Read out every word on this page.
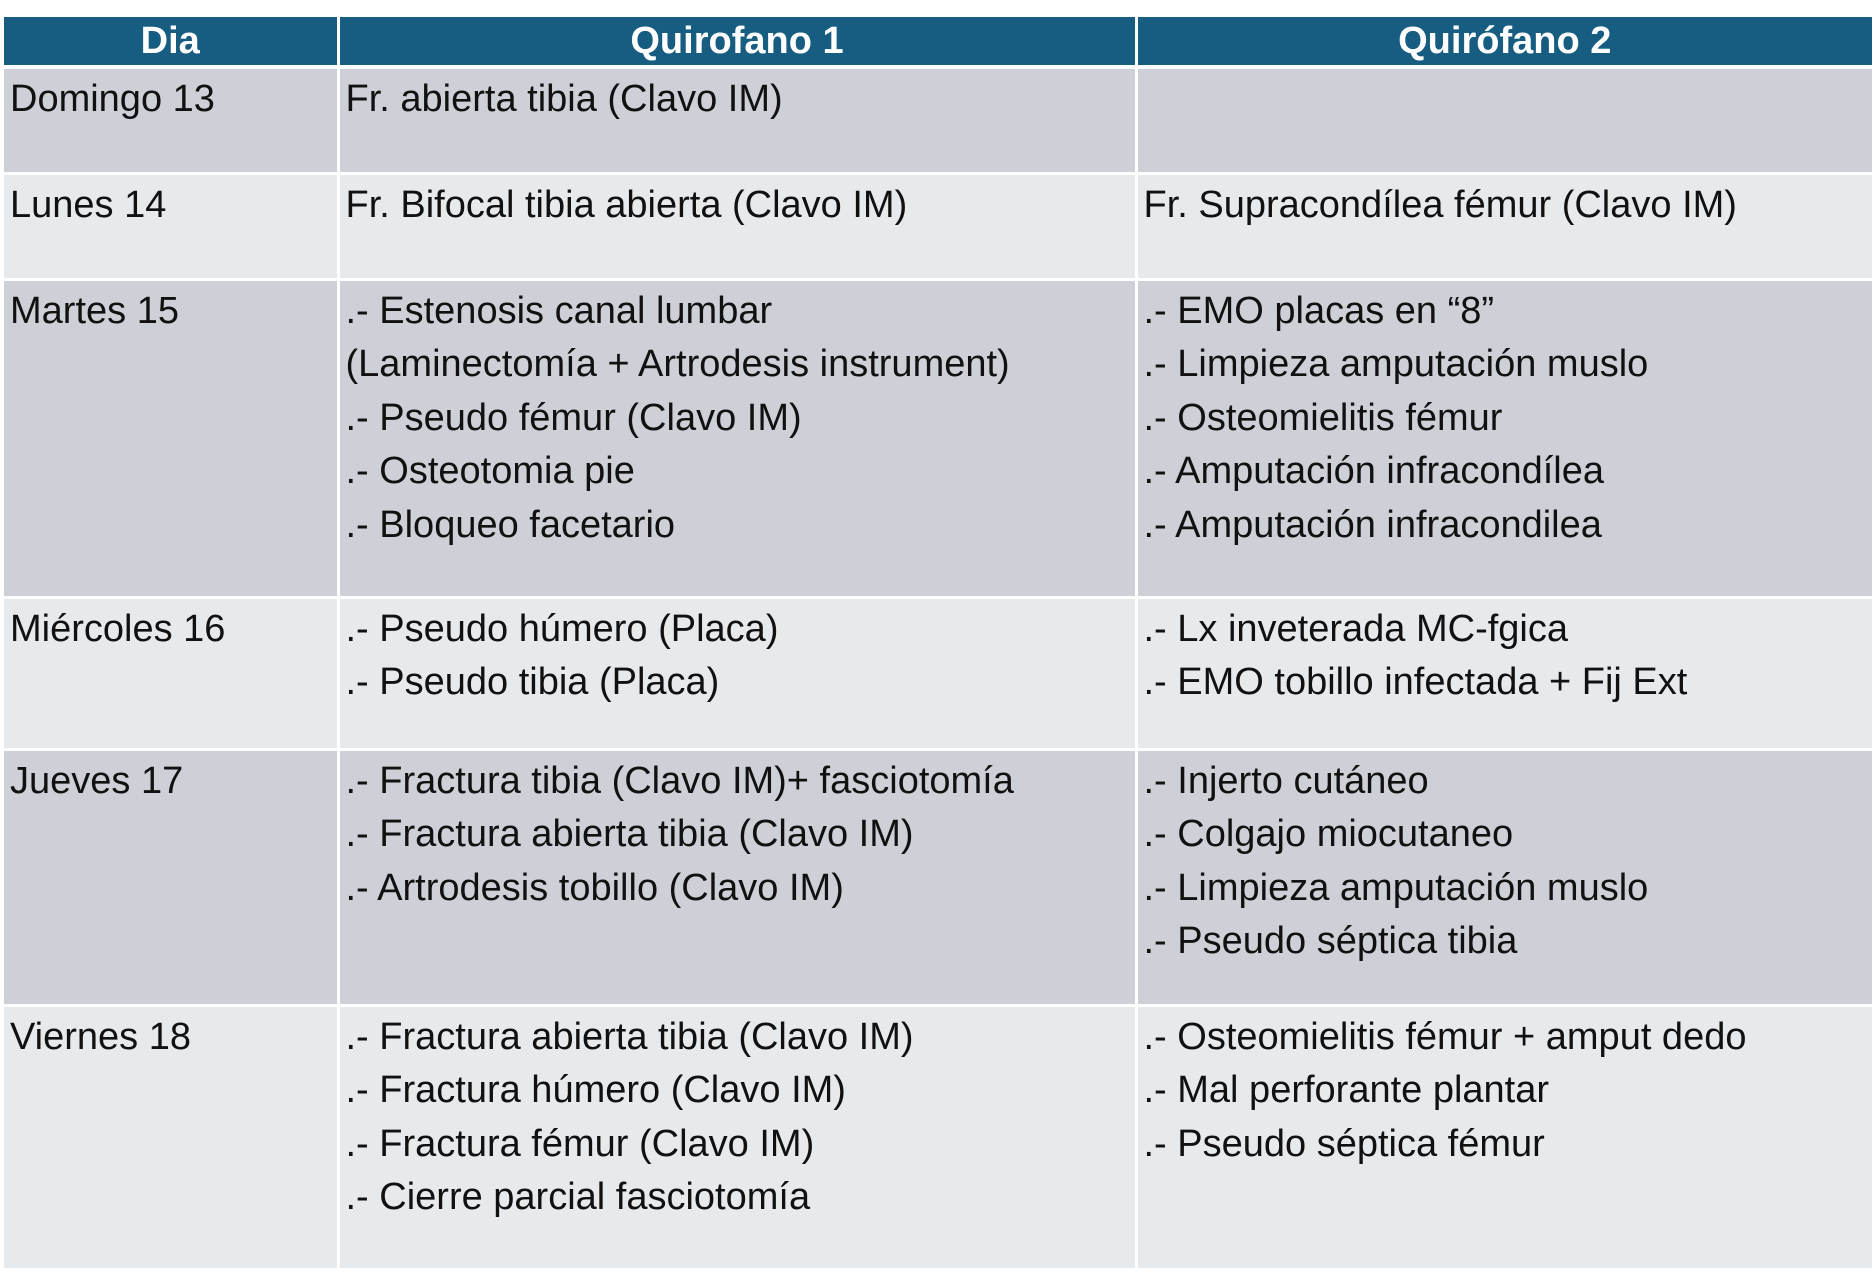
Dia	Quirofano 1	Quirófano 2

Domingo 13	Fr. abierta tibia (Clavo IM)	

Lunes 14	Fr. Bifocal tibia abierta (Clavo IM)	Fr. Supracondílea fémur (Clavo IM)

Martes 15	.- Estenosis canal lumbar
(Laminectomía + Artrodesis instrument)
.- Pseudo fémur (Clavo IM)
.- Osteotomia pie
.- Bloqueo facetario	.- EMO placas en “8”
.- Limpieza amputación muslo
.- Osteomielitis fémur
.- Amputación infracondílea
.- Amputación infracondilea

Miércoles 16	.- Pseudo húmero (Placa)
.- Pseudo tibia (Placa)	.- Lx inveterada MC-fgica
.- EMO tobillo infectada + Fij Ext

Jueves 17	.- Fractura tibia (Clavo IM)+ fasciotomía
.- Fractura abierta tibia (Clavo IM)
.- Artrodesis tobillo (Clavo IM)	.- Injerto cutáneo
.- Colgajo miocutaneo
.- Limpieza amputación muslo
.- Pseudo séptica tibia

Viernes 18	.- Fractura abierta tibia (Clavo IM)
.- Fractura húmero (Clavo IM)
.- Fractura fémur (Clavo IM)
.- Cierre parcial fasciotomía	.- Osteomielitis fémur + amput dedo
.- Mal perforante plantar
.- Pseudo séptica fémur
